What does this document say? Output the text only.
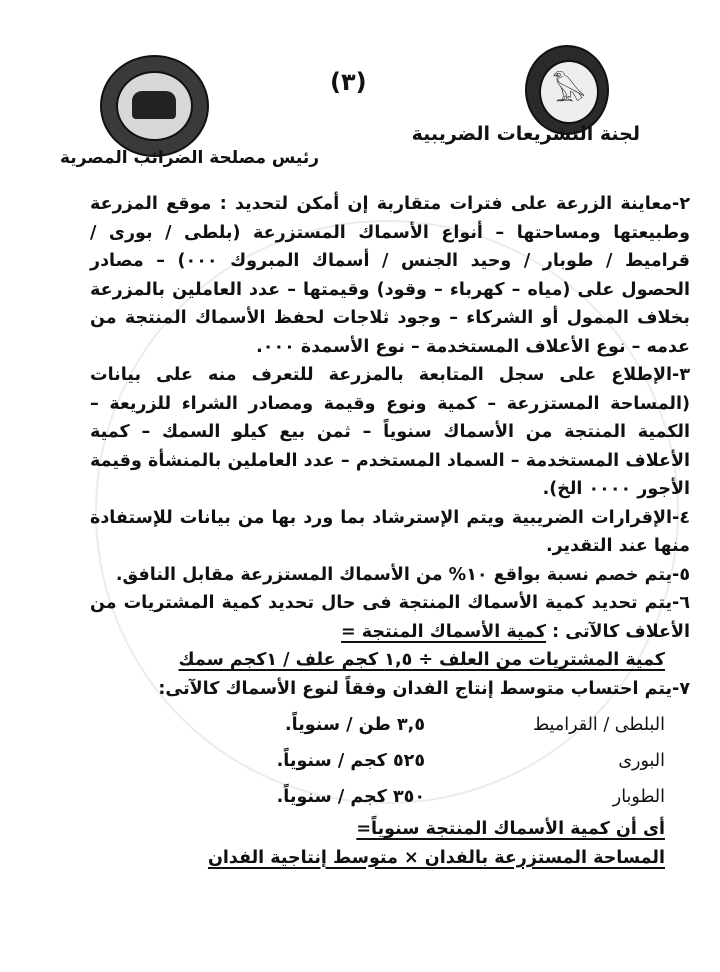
𓅃
لجنة التشريعات الضريبية
(٣)
رئيس مصلحة الضرائب المصرية

٢-معاينة الزرعة على فترات متقاربة إن أمكن لتحديد : موقع المزرعة وطبيعتها ومساحتها – أنواع الأسماك المستزرعة (بلطى / بورى / قراميط / طوبار / وحيد الجنس / أسماك المبروك ٠٠٠) – مصادر الحصول على (مياه – كهرباء – وقود) وقيمتها – عدد العاملين بالمزرعة بخلاف الممول أو الشركاء – وجود ثلاجات لحفظ الأسماك المنتجة من عدمه – نوع الأعلاف المستخدمة – نوع الأسمدة ٠٠٠.

٣-الإطلاع على سجل المتابعة بالمزرعة للتعرف منه على بيانات (المساحة المستزرعة – كمية ونوع وقيمة ومصادر الشراء للزريعة – الكمية المنتجة من الأسماك سنوياً – ثمن بيع كيلو السمك – كمية الأعلاف المستخدمة – السماد المستخدم – عدد العاملين بالمنشأة وقيمة الأجور ٠٠٠٠ الخ).

٤-الإقرارات الضريبية ويتم الإسترشاد بما ورد بها من بيانات للإستفادة منها عند التقدير.

٥-يتم خصم نسبة بواقع ١٠% من الأسماك المستزرعة مقابل النافق.

٦-يتم تحديد كمية الأسماك المنتجة فى حال تحديد كمية المشتريات من الأعلاف كالآتى : كمية الأسماك المنتجة =

كمية المشتريات من العلف ÷ ١,٥ كجم علف / ١كجم سمك

٧-يتم احتساب متوسط إنتاج الفدان وفقاً لنوع الأسماك كالآتى:

البلطى / القراميط
٣,٥ طن / سنوياً.
البورى
٥٢٥ كجم / سنوياً.
الطوبار
٣٥٠ كجم / سنوياً.
أى أن كمية الأسماك المنتجة سنوياً=
المساحة المستزرعة بالفدان × متوسط إنتاجية الفدان
